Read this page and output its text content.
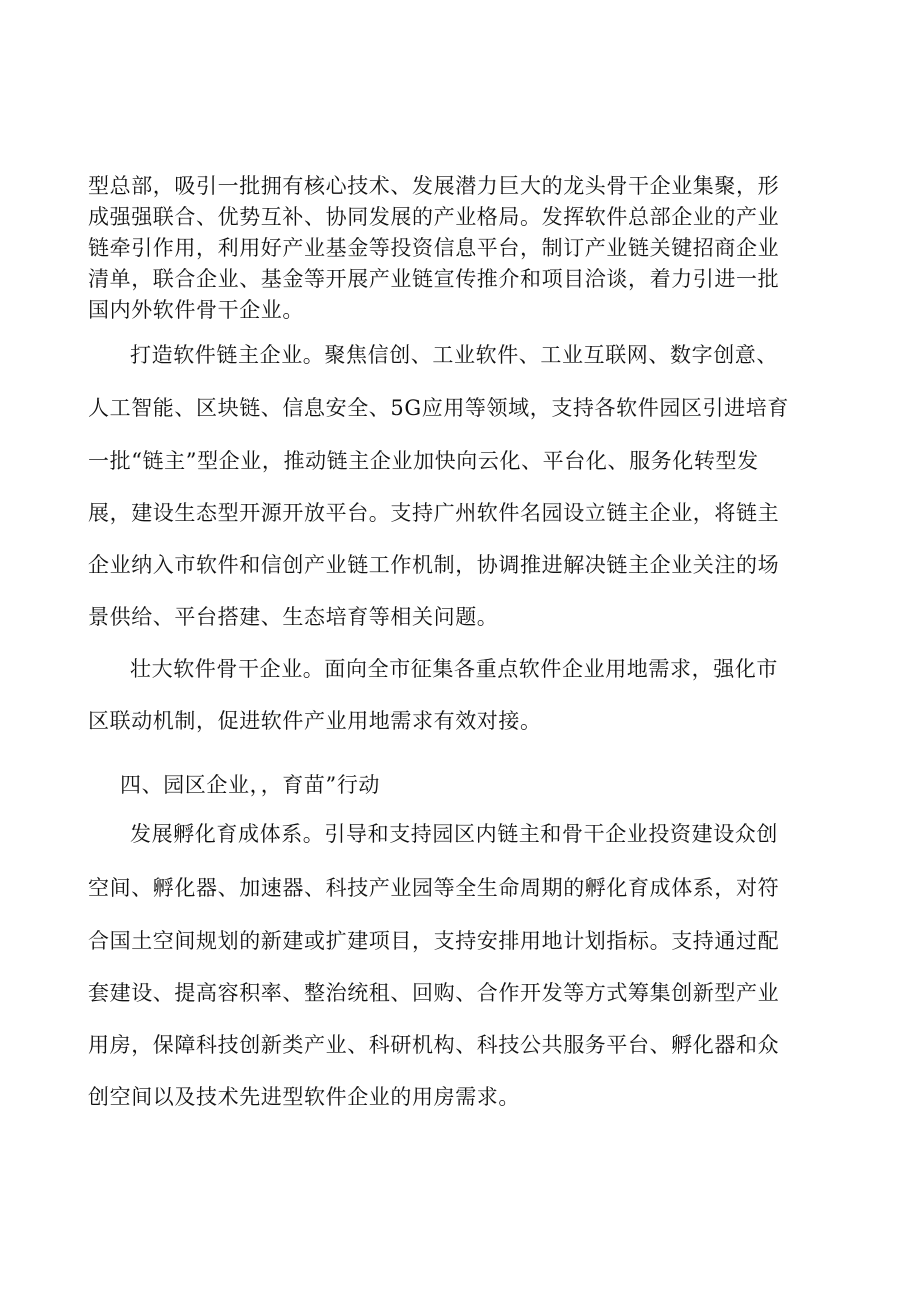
型总部，吸引一批拥有核心技术、发展潜力巨大的龙头骨干企业集聚，形
成强强联合、优势互补、协同发展的产业格局。发挥软件总部企业的产业
链牵引作用，利用好产业基金等投资信息平台，制订产业链关键招商企业
清单，联合企业、基金等开展产业链宣传推介和项目洽谈，着力引进一批
国内外软件骨干企业。
打造软件链主企业。聚焦信创、工业软件、工业互联网、数字创意、
人工智能、区块链、信息安全、5G应用等领域，支持各软件园区引进培育
一批“链主”型企业，推动链主企业加快向云化、平台化、服务化转型发
展，建设生态型开源开放平台。支持广州软件名园设立链主企业，将链主
企业纳入市软件和信创产业链工作机制，协调推进解决链主企业关注的场
景供给、平台搭建、生态培育等相关问题。
壮大软件骨干企业。面向全市征集各重点软件企业用地需求，强化市
区联动机制，促进软件产业用地需求有效对接。
四、园区企业，，育苗”行动
发展孵化育成体系。引导和支持园区内链主和骨干企业投资建设众创
空间、孵化器、加速器、科技产业园等全生命周期的孵化育成体系，对符
合国土空间规划的新建或扩建项目，支持安排用地计划指标。支持通过配
套建设、提高容积率、整治统租、回购、合作开发等方式筹集创新型产业
用房，保障科技创新类产业、科研机构、科技公共服务平台、孵化器和众
创空间以及技术先进型软件企业的用房需求。
